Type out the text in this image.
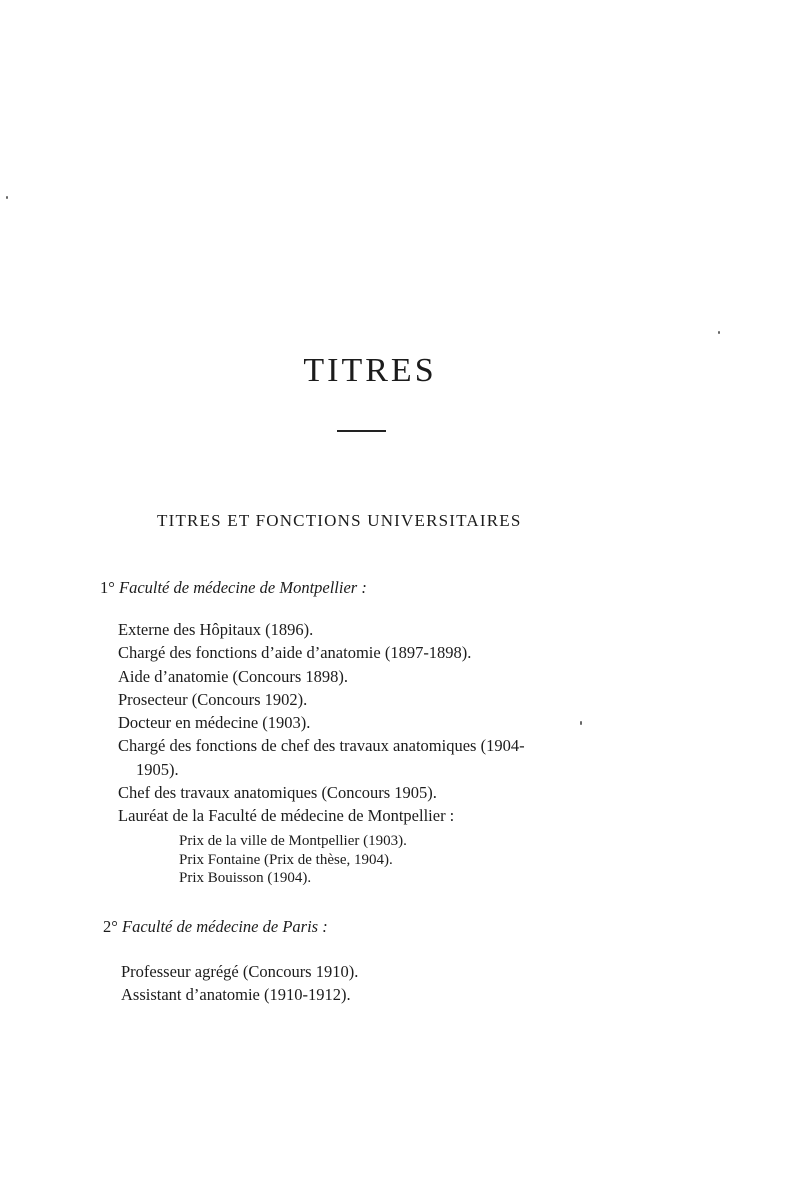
TITRES
TITRES ET FONCTIONS UNIVERSITAIRES
1° Faculté de médecine de Montpellier :
Externe des Hôpitaux (1896).
Chargé des fonctions d’aide d’anatomie (1897-1898).
Aide d’anatomie (Concours 1898).
Prosecteur (Concours 1902).
Docteur en médecine (1903).
Chargé des fonctions de chef des travaux anatomiques (1904-
1905).
Chef des travaux anatomiques (Concours 1905).
Lauréat de la Faculté de médecine de Montpellier :
Prix de la ville de Montpellier (1903).
Prix Fontaine (Prix de thèse, 1904).
Prix Bouisson (1904).
2° Faculté de médecine de Paris :
Professeur agrégé (Concours 1910).
Assistant d’anatomie (1910-1912).
